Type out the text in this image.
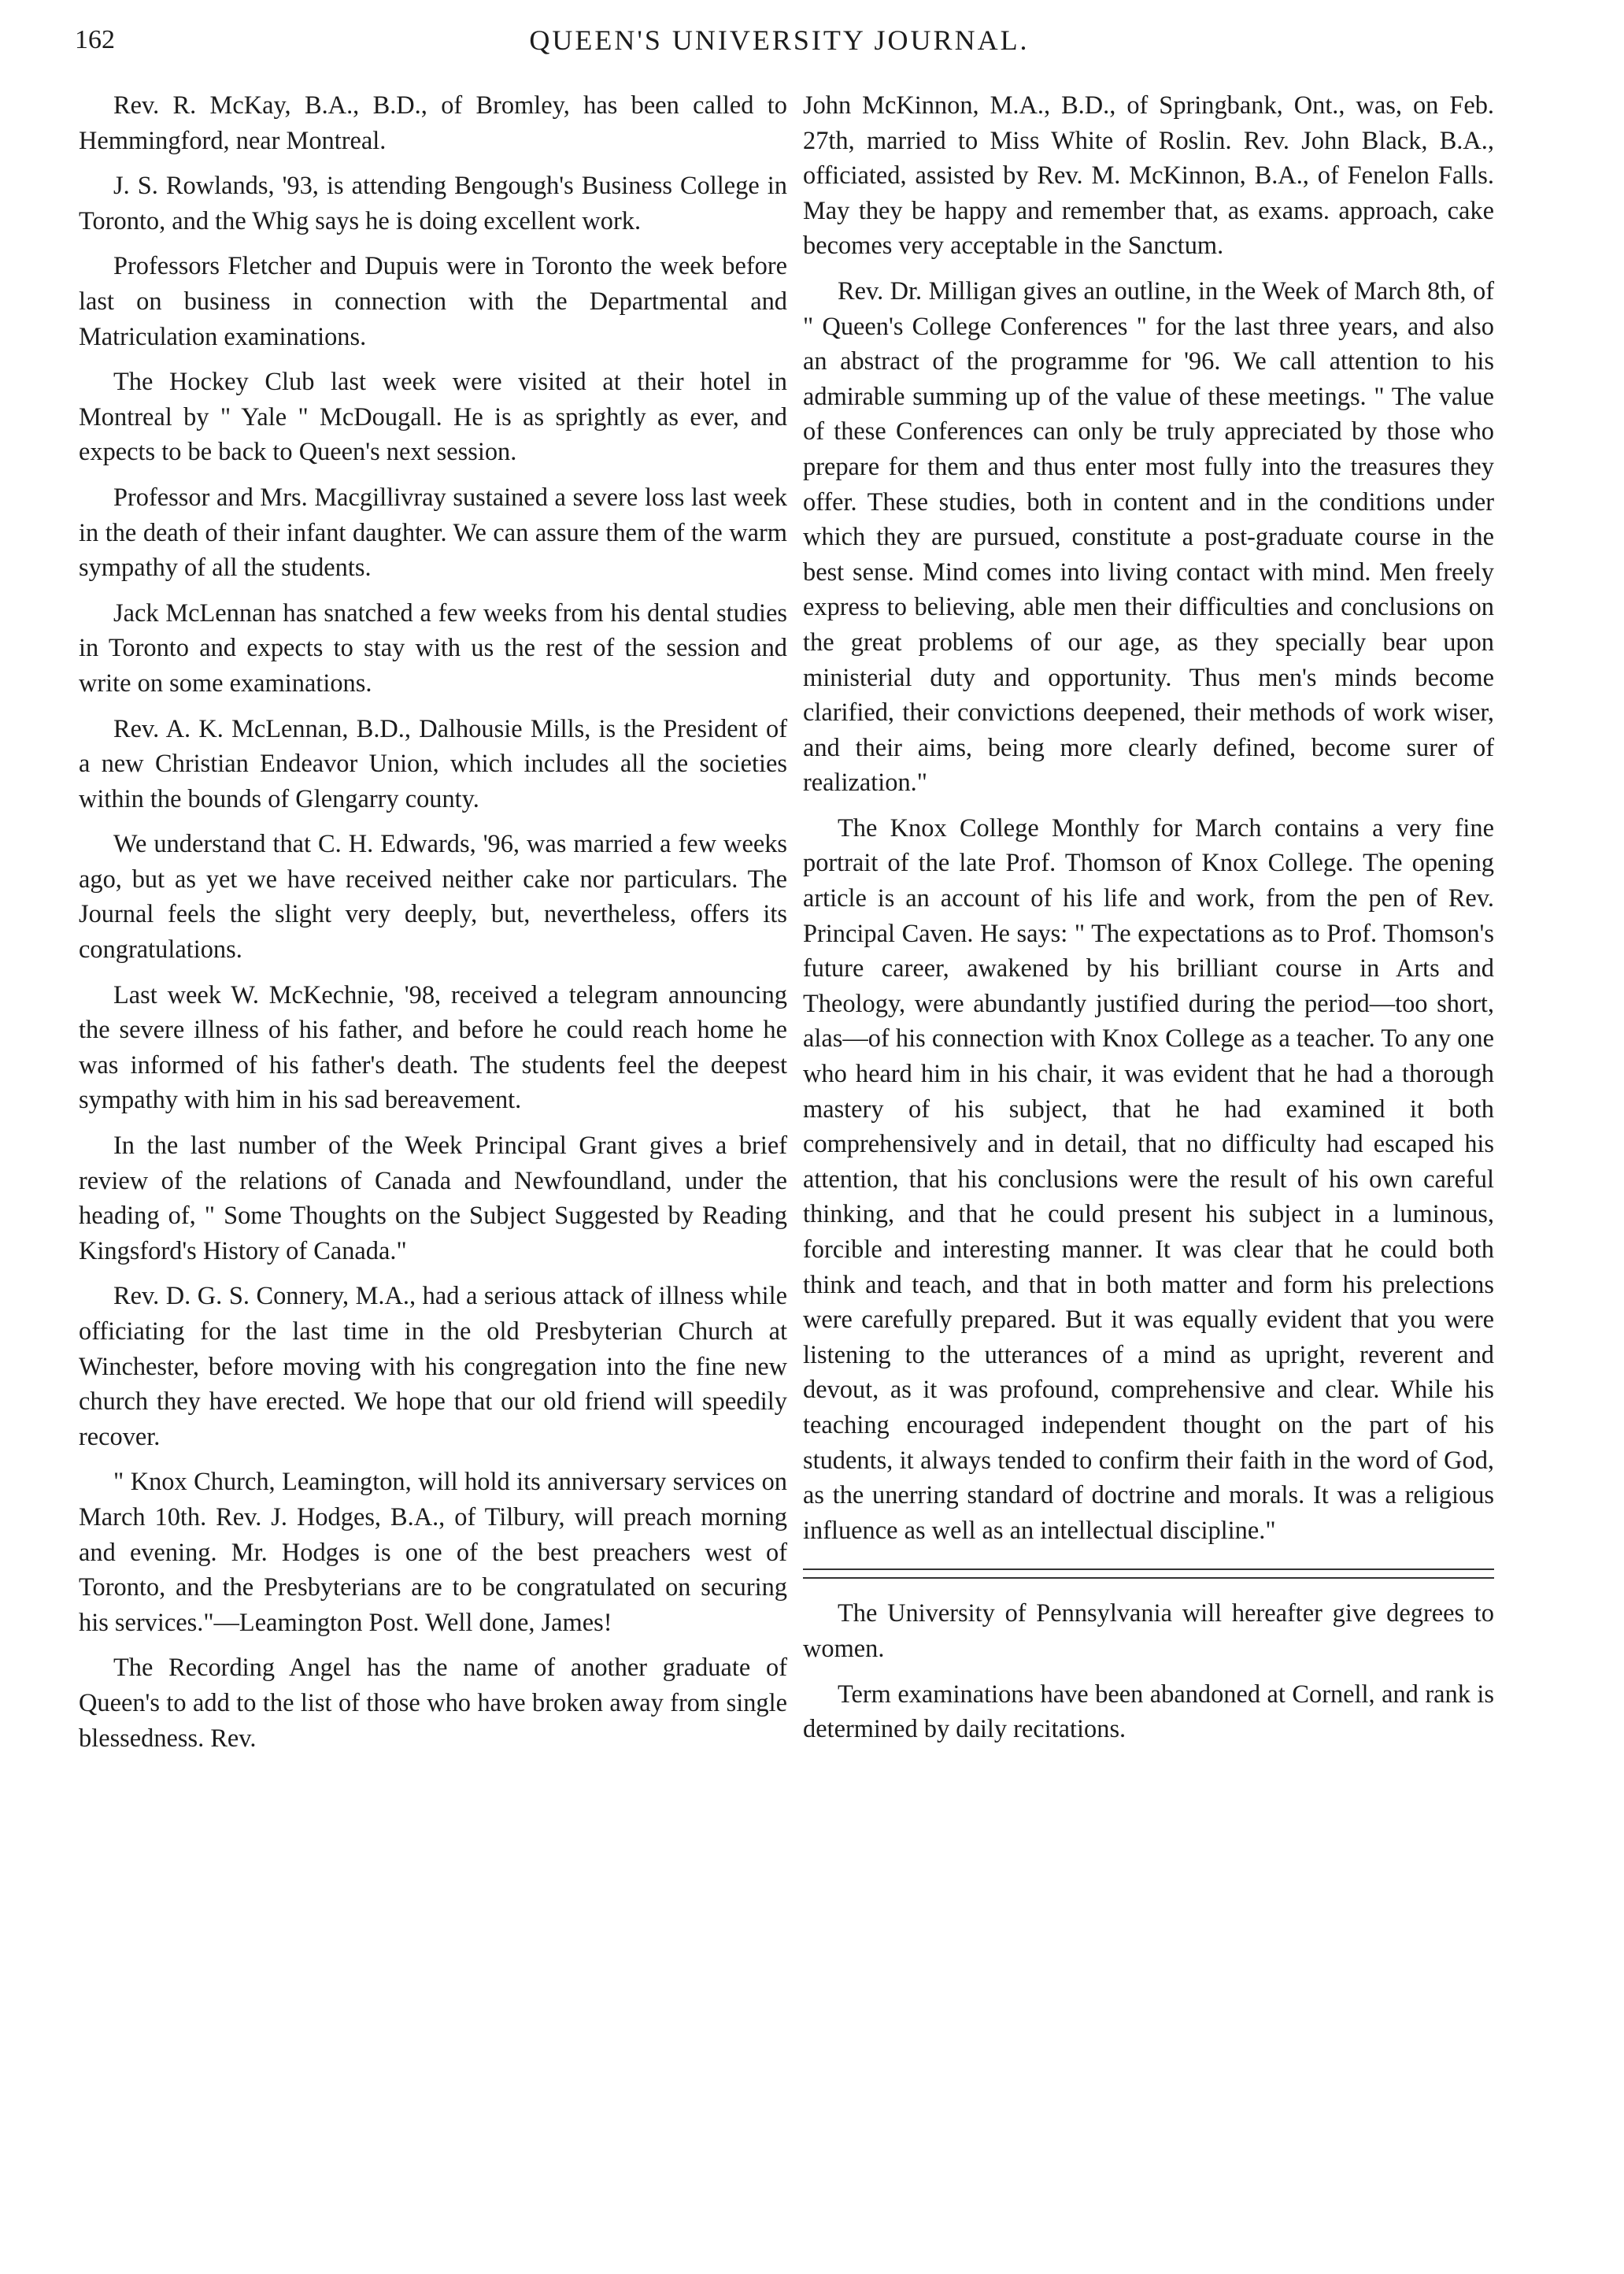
162	QUEEN'S UNIVERSITY JOURNAL.

Rev. R. McKay, B.A., B.D., of Bromley, has been called to Hemmingford, near Montreal.

J. S. Rowlands, '93, is attending Bengough's Business College in Toronto, and the Whig says he is doing excellent work.

Professors Fletcher and Dupuis were in Toronto the week before last on business in connection with the Departmental and Matriculation examinations.

The Hockey Club last week were visited at their hotel in Montreal by " Yale " McDougall. He is as sprightly as ever, and expects to be back to Queen's next session.

Professor and Mrs. Macgillivray sustained a severe loss last week in the death of their infant daughter. We can assure them of the warm sympathy of all the students.

Jack McLennan has snatched a few weeks from his dental studies in Toronto and expects to stay with us the rest of the session and write on some examinations.

Rev. A. K. McLennan, B.D., Dalhousie Mills, is the President of a new Christian Endeavor Union, which includes all the societies within the bounds of Glengarry county.

We understand that C. H. Edwards, '96, was married a few weeks ago, but as yet we have received neither cake nor particulars. The Journal feels the slight very deeply, but, nevertheless, offers its congratulations.

Last week W. McKechnie, '98, received a telegram announcing the severe illness of his father, and before he could reach home he was informed of his father's death. The students feel the deepest sympathy with him in his sad bereavement.

In the last number of the Week Principal Grant gives a brief review of the relations of Canada and Newfoundland, under the heading of, " Some Thoughts on the Subject Suggested by Reading Kingsford's History of Canada."

Rev. D. G. S. Connery, M.A., had a serious attack of illness while officiating for the last time in the old Presbyterian Church at Winchester, before moving with his congregation into the fine new church they have erected. We hope that our old friend will speedily recover.

" Knox Church, Leamington, will hold its anniversary services on March 10th. Rev. J. Hodges, B.A., of Tilbury, will preach morning and evening. Mr. Hodges is one of the best preachers west of Toronto, and the Presbyterians are to be congratulated on securing his services."—Leamington Post. Well done, James!

The Recording Angel has the name of another graduate of Queen's to add to the list of those who have broken away from single blessedness. Rev.

John McKinnon, M.A., B.D., of Springbank, Ont., was, on Feb. 27th, married to Miss White of Roslin. Rev. John Black, B.A., officiated, assisted by Rev. M. McKinnon, B.A., of Fenelon Falls. May they be happy and remember that, as exams. approach, cake becomes very acceptable in the Sanctum.

Rev. Dr. Milligan gives an outline, in the Week of March 8th, of " Queen's College Conferences " for the last three years, and also an abstract of the programme for '96. We call attention to his admirable summing up of the value of these meetings. " The value of these Conferences can only be truly appreciated by those who prepare for them and thus enter most fully into the treasures they offer. These studies, both in content and in the conditions under which they are pursued, constitute a post-graduate course in the best sense. Mind comes into living contact with mind. Men freely express to believing, able men their difficulties and conclusions on the great problems of our age, as they specially bear upon ministerial duty and opportunity. Thus men's minds become clarified, their convictions deepened, their methods of work wiser, and their aims, being more clearly defined, become surer of realization."

The Knox College Monthly for March contains a very fine portrait of the late Prof. Thomson of Knox College. The opening article is an account of his life and work, from the pen of Rev. Principal Caven. He says: " The expectations as to Prof. Thomson's future career, awakened by his brilliant course in Arts and Theology, were abundantly justified during the period—too short, alas—of his connection with Knox College as a teacher. To any one who heard him in his chair, it was evident that he had a thorough mastery of his subject, that he had examined it both comprehensively and in detail, that no difficulty had escaped his attention, that his conclusions were the result of his own careful thinking, and that he could present his subject in a luminous, forcible and interesting manner. It was clear that he could both think and teach, and that in both matter and form his prelections were carefully prepared. But it was equally evident that you were listening to the utterances of a mind as upright, reverent and devout, as it was profound, comprehensive and clear. While his teaching encouraged independent thought on the part of his students, it always tended to confirm their faith in the word of God, as the unerring standard of doctrine and morals. It was a religious influence as well as an intellectual discipline."

The University of Pennsylvania will hereafter give degrees to women.

Term examinations have been abandoned at Cornell, and rank is determined by daily recitations.
